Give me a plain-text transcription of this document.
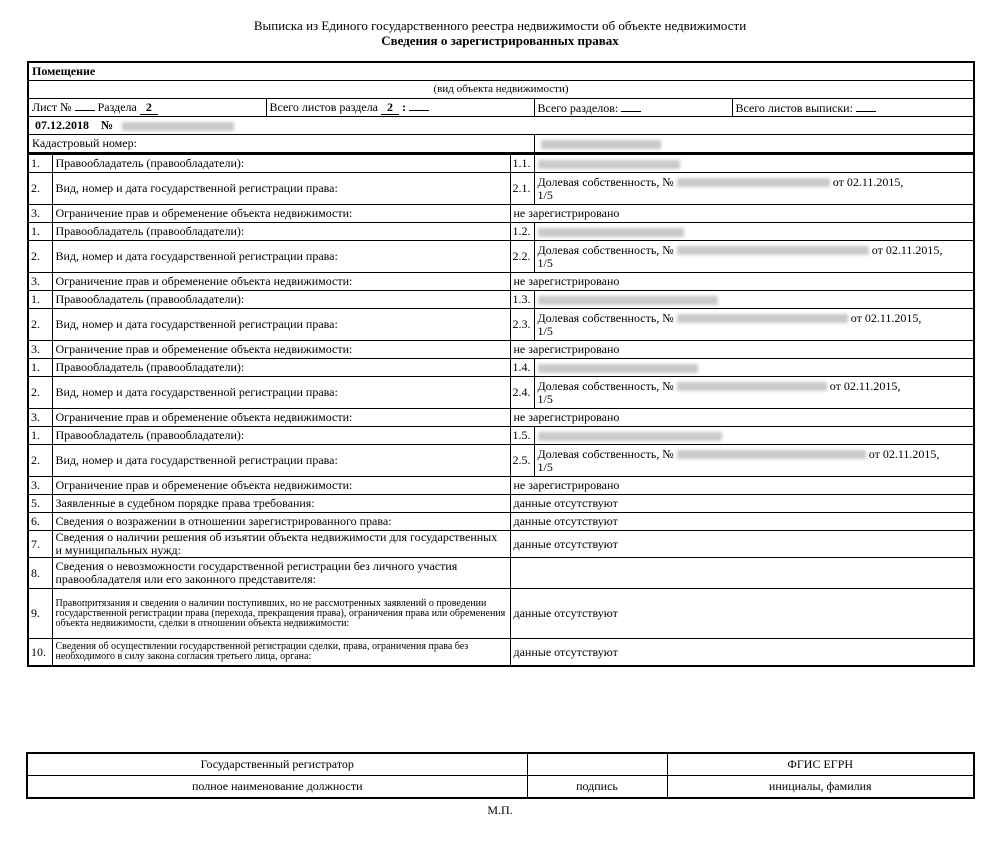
Выписка из Единого государственного реестра недвижимости об объекте недвижимости
Сведения о зарегистрированных правах
Помещение					
(вид объекта недвижимости)					
Лист № Раздела 2		Всего листов раздела 2 :		Всего разделов:	Всего листов выписки:
07.12.2018 №					
Кадастровый номер:					
1.	Правообладатель (правообладатели):		1.1.		
2.	Вид, номер и дата государственной регистрации права:		2.1.	Долевая собственность, № от 02.11.2015,
1/5	
3.	Ограничение прав и обременение объекта недвижимости:		не зарегистрировано		
1.	Правообладатель (правообладатели):		1.2.		
2.	Вид, номер и дата государственной регистрации права:		2.2.	Долевая собственность, № от 02.11.2015,
1/5	
3.	Ограничение прав и обременение объекта недвижимости:		не зарегистрировано		
1.	Правообладатель (правообладатели):		1.3.		
2.	Вид, номер и дата государственной регистрации права:		2.3.	Долевая собственность, № от 02.11.2015,
1/5	
3.	Ограничение прав и обременение объекта недвижимости:		не зарегистрировано		
1.	Правообладатель (правообладатели):		1.4.		
2.	Вид, номер и дата государственной регистрации права:		2.4.	Долевая собственность, № от 02.11.2015,
1/5	
3.	Ограничение прав и обременение объекта недвижимости:		не зарегистрировано		
1.	Правообладатель (правообладатели):		1.5.		
2.	Вид, номер и дата государственной регистрации права:		2.5.	Долевая собственность, № от 02.11.2015,
1/5	
3.	Ограничение прав и обременение объекта недвижимости:		не зарегистрировано		
5.	Заявленные в судебном порядке права требования:		данные отсутствуют		
6.	Сведения о возражении в отношении зарегистрированного права:		данные отсутствуют		
7.	Сведения о наличии решения об изъятии объекта недвижимости для государственных и муниципальных нужд:		данные отсутствуют		
8.	Сведения о невозможности государственной регистрации без личного участия правообладателя или его законного представителя:				
9.	Правопритязания и сведения о наличии поступивших, но не рассмотренных заявлений о проведении государственной регистрации права (перехода, прекращения права), ограничения права или обременения объекта недвижимости, сделки в отношении объекта недвижимости:		данные отсутствуют		
10.	Сведения об осуществлении государственной регистрации сделки, права, ограничения права без необходимого в силу закона согласия третьего лица, органа:		данные отсутствуют		
Государственный регистратор		ФГИС ЕГРН
полное наименование должности	подпись	инициалы, фамилия
М.П.
